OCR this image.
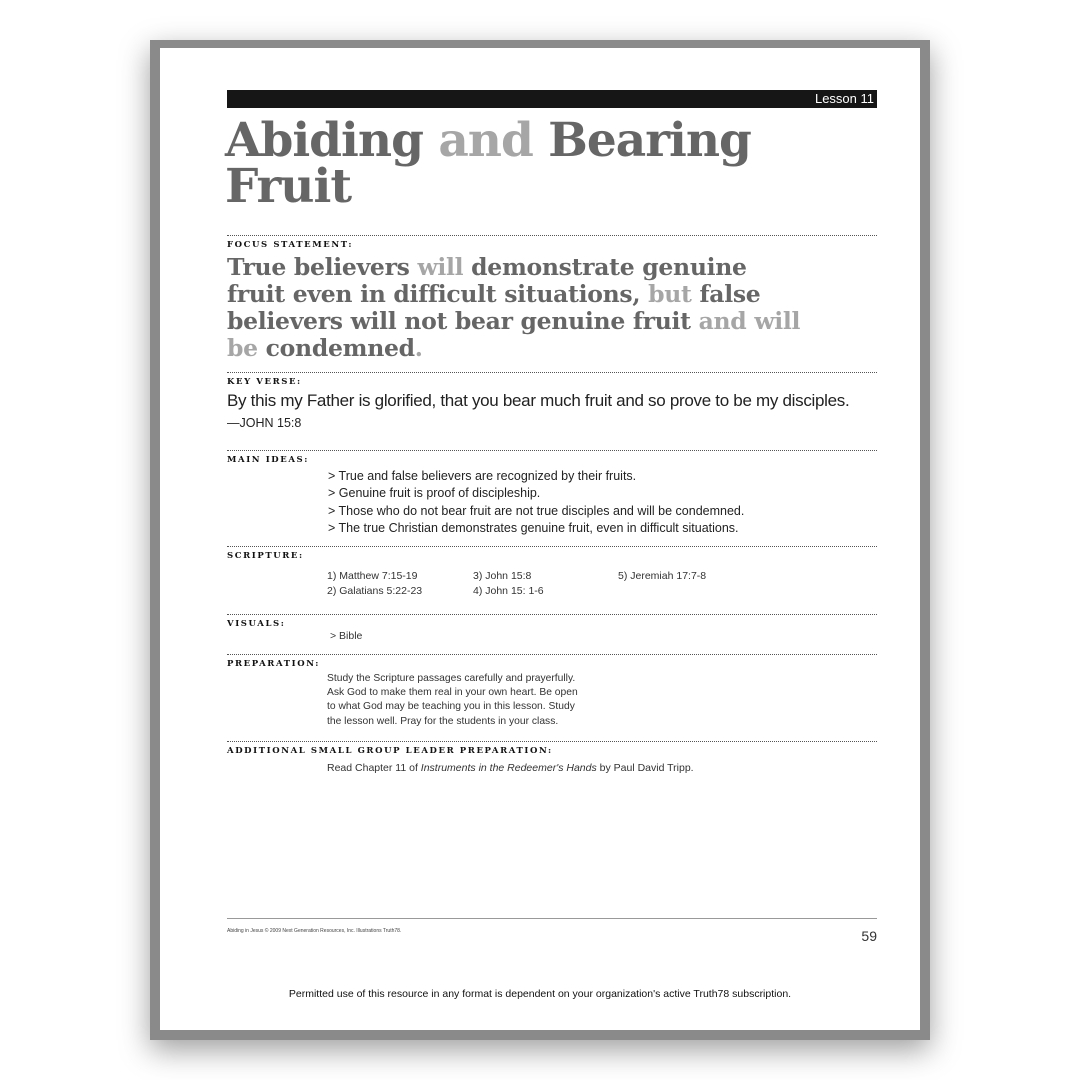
Lesson 11
Abiding and Bearing
Fruit
FOCUS STATEMENT:

True believers will demonstrate genuine
fruit even in difficult situations, but false
believers will not bear genuine fruit and will
be condemned.

KEY VERSE:
By this my Father is glorified, that you bear much fruit and so prove to be my disciples.
—JOHN 15:8
MAIN IDEAS:
> True and false believers are recognized by their fruits.
> Genuine fruit is proof of discipleship.
> Those who do not bear fruit are not true disciples and will be condemned.
> The true Christian demonstrates genuine fruit, even in difficult situations.
SCRIPTURE:
1) Matthew 7:15-19
2) Galatians 5:22-23
3) John 15:8
4) John 15: 1-6
5) Jeremiah 17:7-8
VISUALS:
> Bible
PREPARATION:
Study the Scripture passages carefully and prayerfully.
Ask God to make them real in your own heart. Be open
to what God may be teaching you in this lesson. Study
the lesson well. Pray for the students in your class.
ADDITIONAL SMALL GROUP LEADER PREPARATION:
Read Chapter 11 of Instruments in the Redeemer's Hands by Paul David Tripp.
Abiding in Jesus © 2009 Next Generation Resources, Inc. Illustrations Truth78.	59
Permitted use of this resource in any format is dependent on your organization's active Truth78 subscription.
